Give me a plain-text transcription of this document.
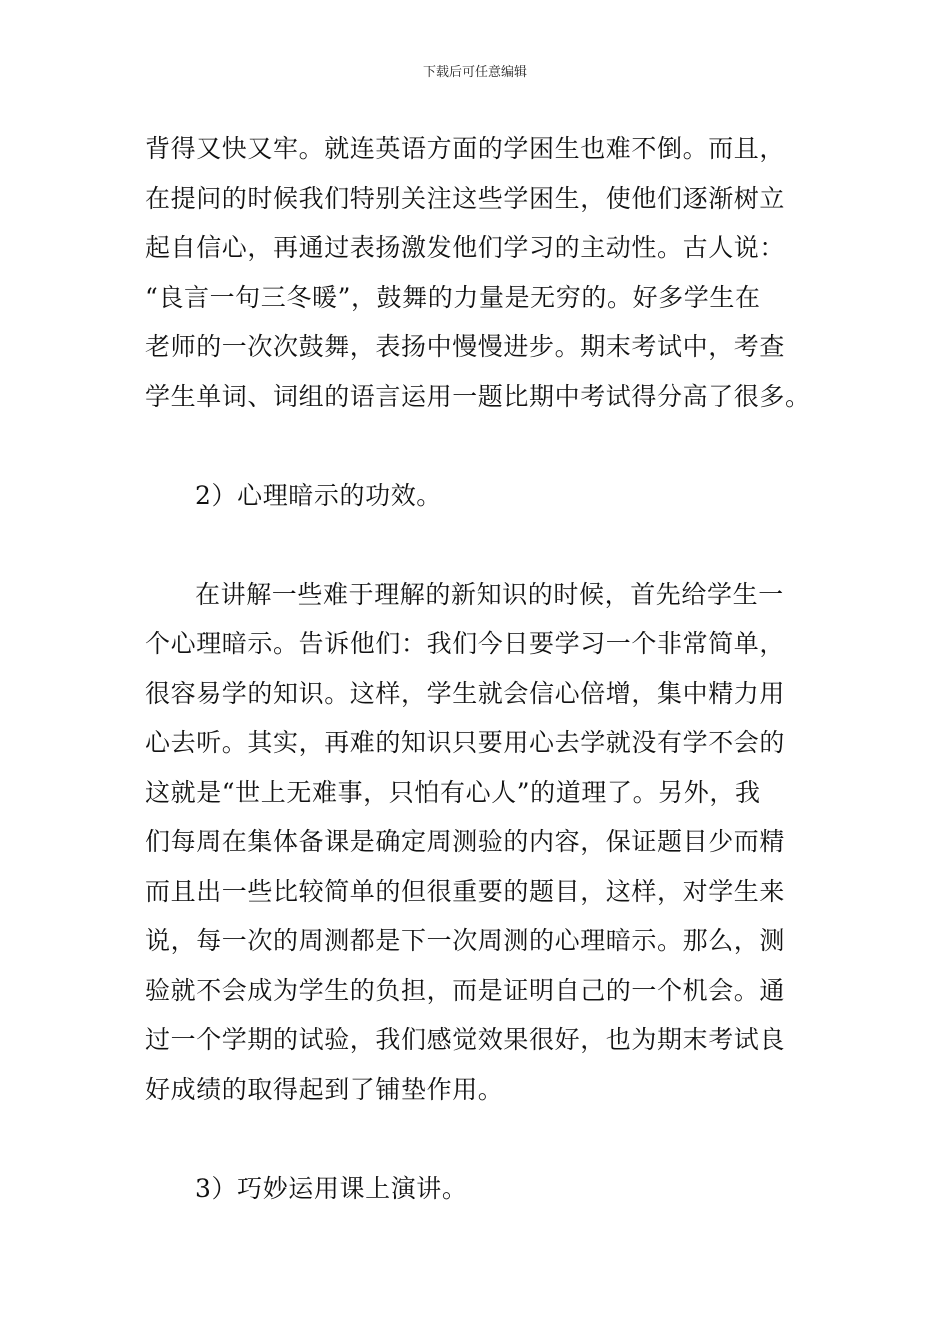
下载后可任意编辑
背得又快又牢。就连英语方面的学困生也难不倒。而且，
在提问的时候我们特别关注这些学困生，使他们逐渐树立
起自信心，再通过表扬激发他们学习的主动性。古人说：
“良言一句三冬暖”，鼓舞的力量是无穷的。好多学生在
老师的一次次鼓舞，表扬中慢慢进步。期末考试中，考查
学生单词、词组的语言运用一题比期中考试得分高了很多。
2）心理暗示的功效。
在讲解一些难于理解的新知识的时候，首先给学生一
个心理暗示。告诉他们：我们今日要学习一个非常简单，
很容易学的知识。这样，学生就会信心倍增，集中精力用
心去听。其实，再难的知识只要用心去学就没有学不会的
这就是“世上无难事，只怕有心人”的道理了。另外，我
们每周在集体备课是确定周测验的内容，保证题目少而精
而且出一些比较简单的但很重要的题目，这样，对学生来
说，每一次的周测都是下一次周测的心理暗示。那么，测
验就不会成为学生的负担，而是证明自己的一个机会。通
过一个学期的试验，我们感觉效果很好，也为期末考试良
好成绩的取得起到了铺垫作用。
3）巧妙运用课上演讲。
